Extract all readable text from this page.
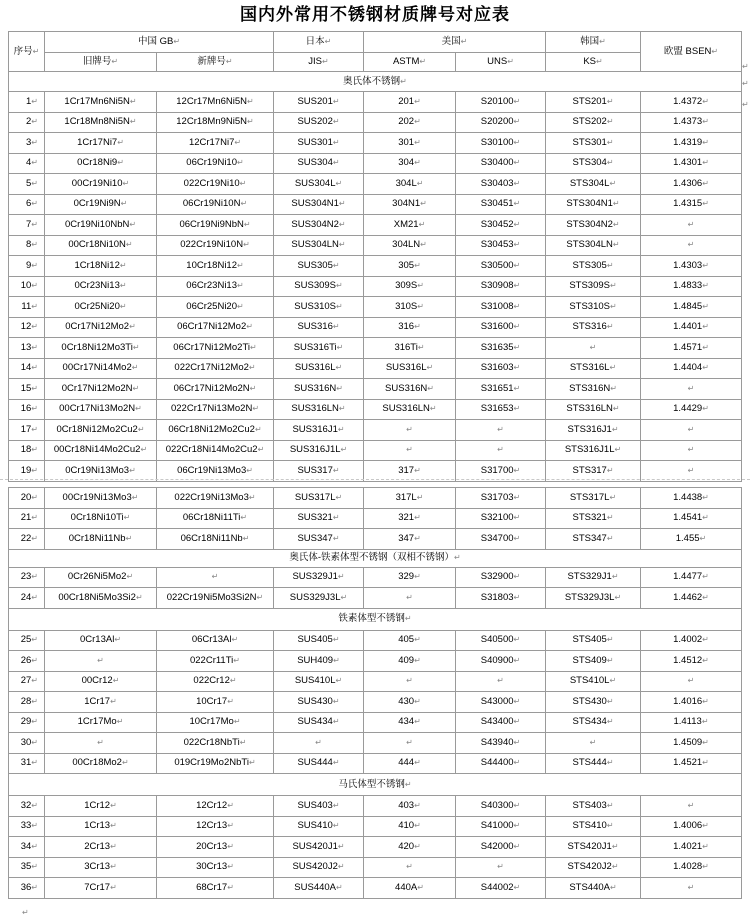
国内外常用不锈钢材质牌号对应表
序号↵	中国 GB↵		日本↵	美国↵		韩国↵	欧盟 BSEN↵
	旧牌号↵	新牌号↵	JIS↵	ASTM↵	UNS↵	KS↵	
奥氏体不锈钢↵							
1↵	1Cr17Mn6Ni5N↵	12Cr17Mn6Ni5N↵	SUS201↵	201↵	S20100↵	STS201↵	1.4372↵
2↵	1Cr18Mn8Ni5N↵	12Cr18Mn9Ni5N↵	SUS202↵	202↵	S20200↵	STS202↵	1.4373↵
3↵	1Cr17Ni7↵	12Cr17Ni7↵	SUS301↵	301↵	S30100↵	STS301↵	1.4319↵
4↵	0Cr18Ni9↵	06Cr19Ni10↵	SUS304↵	304↵	S30400↵	STS304↵	1.4301↵
5↵	00Cr19Ni10↵	022Cr19Ni10↵	SUS304L↵	304L↵	S30403↵	STS304L↵	1.4306↵
6↵	0Cr19Ni9N↵	06Cr19Ni10N↵	SUS304N1↵	304N1↵	S30451↵	STS304N1↵	1.4315↵
7↵	0Cr19Ni10NbN↵	06Cr19Ni9NbN↵	SUS304N2↵	XM21↵	S30452↵	STS304N2↵	↵
8↵	00Cr18Ni10N↵	022Cr19Ni10N↵	SUS304LN↵	304LN↵	S30453↵	STS304LN↵	↵
9↵	1Cr18Ni12↵	10Cr18Ni12↵	SUS305↵	305↵	S30500↵	STS305↵	1.4303↵
10↵	0Cr23Ni13↵	06Cr23Ni13↵	SUS309S↵	309S↵	S30908↵	STS309S↵	1.4833↵
11↵	0Cr25Ni20↵	06Cr25Ni20↵	SUS310S↵	310S↵	S31008↵	STS310S↵	1.4845↵
12↵	0Cr17Ni12Mo2↵	06Cr17Ni12Mo2↵	SUS316↵	316↵	S31600↵	STS316↵	1.4401↵
13↵	0Cr18Ni12Mo3Ti↵	06Cr17Ni12Mo2Ti↵	SUS316Ti↵	316Ti↵	S31635↵	↵	1.4571↵
14↵	00Cr17Ni14Mo2↵	022Cr17Ni12Mo2↵	SUS316L↵	SUS316L↵	S31603↵	STS316L↵	1.4404↵
15↵	0Cr17Ni12Mo2N↵	06Cr17Ni12Mo2N↵	SUS316N↵	SUS316N↵	S31651↵	STS316N↵	↵
16↵	00Cr17Ni13Mo2N↵	022Cr17Ni13Mo2N↵	SUS316LN↵	SUS316LN↵	S31653↵	STS316LN↵	1.4429↵
17↵	0Cr18Ni12Mo2Cu2↵	06Cr18Ni12Mo2Cu2↵	SUS316J1↵	↵	↵	STS316J1↵	↵
18↵	00Cr18Ni14Mo2Cu2↵	022Cr18Ni14Mo2Cu2↵	SUS316J1L↵	↵	↵	STS316J1L↵	↵
19↵	0Cr19Ni13Mo3↵	06Cr19Ni13Mo3↵	SUS317↵	317↵	S31700↵	STS317↵	↵
20↵	00Cr19Ni13Mo3↵	022Cr19Ni13Mo3↵	SUS317L↵	317L↵	S31703↵	STS317L↵	1.4438↵
21↵	0Cr18Ni10Ti↵	06Cr18Ni11Ti↵	SUS321↵	321↵	S32100↵	STS321↵	1.4541↵
22↵	0Cr18Ni11Nb↵	06Cr18Ni11Nb↵	SUS347↵	347↵	S34700↵	STS347↵	1.455↵
奥氏体-铁素体型不锈钢（双相不锈钢）↵							
23↵	0Cr26Ni5Mo2↵	↵	SUS329J1↵	329↵	S32900↵	STS329J1↵	1.4477↵
24↵	00Cr18Ni5Mo3Si2↵	022Cr19Ni5Mo3Si2N↵	SUS329J3L↵	↵	S31803↵	STS329J3L↵	1.4462↵
铁素体型不锈钢↵							
25↵	0Cr13Al↵	06Cr13Al↵	SUS405↵	405↵	S40500↵	STS405↵	1.4002↵
26↵	↵	022Cr11Ti↵	SUH409↵	409↵	S40900↵	STS409↵	1.4512↵
27↵	00Cr12↵	022Cr12↵	SUS410L↵	↵	↵	STS410L↵	↵
28↵	1Cr17↵	10Cr17↵	SUS430↵	430↵	S43000↵	STS430↵	1.4016↵
29↵	1Cr17Mo↵	10Cr17Mo↵	SUS434↵	434↵	S43400↵	STS434↵	1.4113↵
30↵	↵	022Cr18NbTi↵	↵	↵	S43940↵	↵	1.4509↵
31↵	00Cr18Mo2↵	019Cr19Mo2NbTi↵	SUS444↵	444↵	S44400↵	STS444↵	1.4521↵
马氏体型不锈钢↵							
32↵	1Cr12↵	12Cr12↵	SUS403↵	403↵	S40300↵	STS403↵	↵
33↵	1Cr13↵	12Cr13↵	SUS410↵	410↵	S41000↵	STS410↵	1.4006↵
34↵	2Cr13↵	20Cr13↵	SUS420J1↵	420↵	S42000↵	STS420J1↵	1.4021↵
35↵	3Cr13↵	30Cr13↵	SUS420J2↵	↵	↵	STS420J2↵	1.4028↵
36↵	7Cr17↵	68Cr17↵	SUS440A↵	440A↵	S44002↵	STS440A↵	↵
↵
↵
↵
↵
